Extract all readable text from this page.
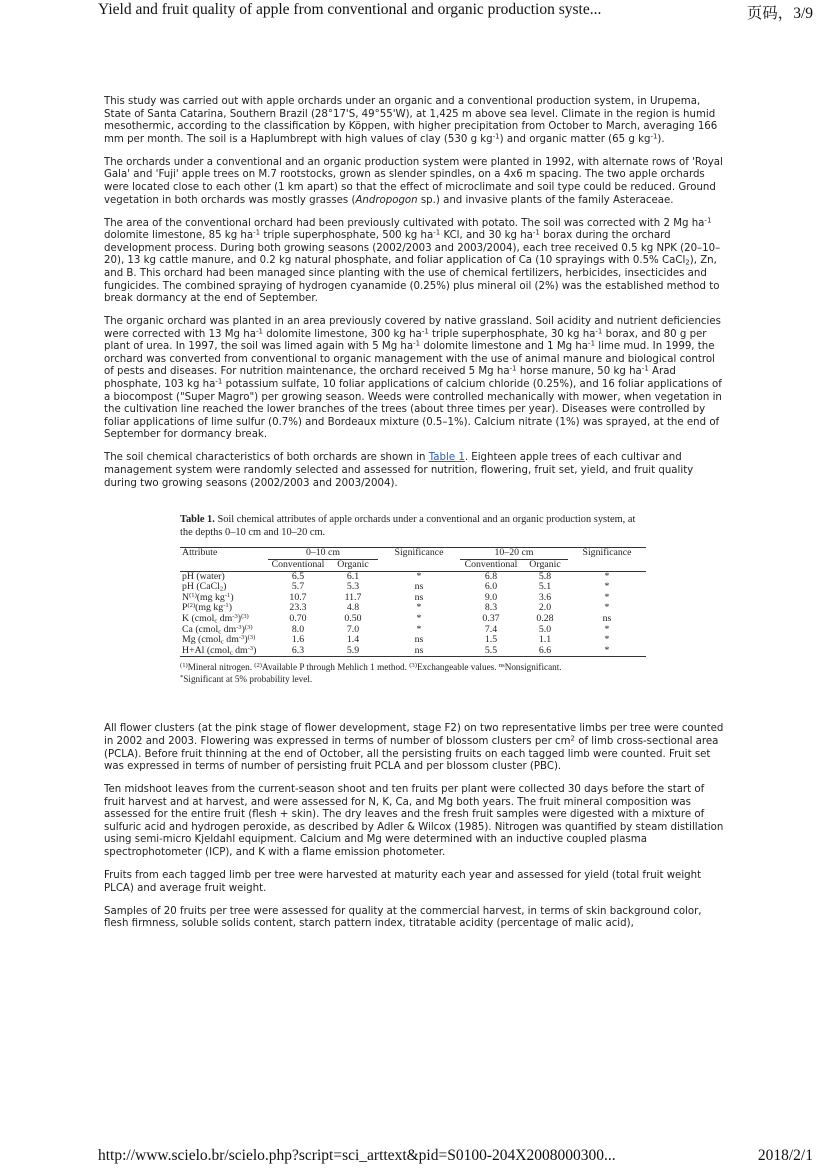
Yield and fruit quality of apple from conventional and organic production syste...	页码，3/9

This study was carried out with apple orchards under an organic and a conventional production system, in Urupema, State of Santa Catarina, Southern Brazil (28°17'S, 49°55'W), at 1,425 m above sea level. Climate in the region is humid mesothermic, according to the classification by Köppen, with higher precipitation from October to March, averaging 166 mm per month. The soil is a Haplumbrept with high values of clay (530 g $kg^{-1}$) and organic matter (65 g $kg^{-1}$).

The orchards under a conventional and an organic production system were planted in 1992, with alternate rows of 'Royal Gala' and 'Fuji' apple trees on M.7 rootstocks, grown as slender spindles, on a 4x6 m spacing. The two apple orchards were located close to each other (1 km apart) so that the effect of microclimate and soil type could be reduced. Ground vegetation in both orchards was mostly grasses (Andropogon sp.) and invasive plants of the family Asteraceae.

The area of the conventional orchard had been previously cultivated with potato. The soil was corrected with 2 Mg $ha^{-1}$ dolomite limestone, 85 kg $ha^{-1}$ triple superphosphate, 500 kg $ha^{-1}$ KCl, and 30 kg $ha^{-1}$ borax during the orchard development process. During both growing seasons (2002/2003 and 2003/2004), each tree received 0.5 kg NPK (20–10–20), 13 kg cattle manure, and 0.2 kg natural phosphate, and foliar application of Ca (10 sprayings with 0.5% CaCl$_2$), Zn, and B. This orchard had been managed since planting with the use of chemical fertilizers, herbicides, insecticides and fungicides. The combined spraying of hydrogen cyanamide (0.25%) plus mineral oil (2%) was the established method to break dormancy at the end of September.

The organic orchard was planted in an area previously covered by native grassland. Soil acidity and nutrient deficiencies were corrected with 13 Mg $ha^{-1}$ dolomite limestone, 300 kg $ha^{-1}$ triple superphosphate, 30 kg $ha^{-1}$ borax, and 80 g per plant of urea. In 1997, the soil was limed again with 5 Mg $ha^{-1}$ dolomite limestone and 1 Mg $ha^{-1}$ lime mud. In 1999, the orchard was converted from conventional to organic management with the use of animal manure and biological control of pests and diseases. For nutrition maintenance, the orchard received 5 Mg $ha^{-1}$ horse manure, 50 kg $ha^{-1}$ Arad phosphate, 103 kg $ha^{-1}$ potassium sulfate, 10 foliar applications of calcium chloride (0.25%), and 16 foliar applications of a biocompost ("Super Magro") per growing season. Weeds were controlled mechanically with mower, when vegetation in the cultivation line reached the lower branches of the trees (about three times per year). Diseases were controlled by foliar applications of lime sulfur (0.7%) and Bordeaux mixture (0.5–1%). Calcium nitrate (1%) was sprayed, at the end of September for dormancy break.

The soil chemical characteristics of both orchards are shown in Table 1. Eighteen apple trees of each cultivar and management system were randomly selected and assessed for nutrition, flowering, fruit set, yield, and fruit quality during two growing seasons (2002/2003 and 2003/2004).

Table 1. Soil chemical attributes of apple orchards under a conventional and an organic production system, at the depths 0–10 cm and 10–20 cm.
Attribute	0–10 cm		Significance	10–20 cm		Significance
	Conventional	Organic		Conventional	Organic	
pH (water)	6.5	6.1	*	6.8	5.8	*
pH (CaCl$_2$)	5.7	5.3	ns	6.0	5.1	*
$N^{(1)}(mg$ $kg^{-1}$)	10.7	11.7	ns	9.0	3.6	*
$P^{(2)}(mg$ $kg^{-1}$)	23.3	4.8	*	8.3	2.0	*
K (cmol$_c$ $dm^{-3})^{(3)}$	0.70	0.50	*	0.37	0.28	ns
Ca (cmol$_c$ $dm^{-3})^{(3)}$	8.0	7.0	*	7.4	5.0	*
Mg (cmol$_c$ $dm^{-3})^{(3)}$	1.6	1.4	ns	1.5	1.1	*
H+Al (cmol$_c$ $dm^{-3}$)	6.3	5.9	ns	5.5	6.6	*
$^{(1)}$Mineral nitrogen. $^{(2)}$Available P through Mehlich 1 method. $^{(3)}$Exchangeable values. $^{ns}$Nonsignificant.
*Significant at 5% probability level.

All flower clusters (at the pink stage of flower development, stage F2) on two representative limbs per tree were counted in 2002 and 2003. Flowering was expressed in terms of number of blossom clusters per $cm^2$ of limb cross-sectional area (PCLA). Before fruit thinning at the end of October, all the persisting fruits on each tagged limb were counted. Fruit set was expressed in terms of number of persisting fruit PCLA and per blossom cluster (PBC).

Ten midshoot leaves from the current-season shoot and ten fruits per plant were collected 30 days before the start of fruit harvest and at harvest, and were assessed for N, K, Ca, and Mg both years. The fruit mineral composition was assessed for the entire fruit (flesh + skin). The dry leaves and the fresh fruit samples were digested with a mixture of sulfuric acid and hydrogen peroxide, as described by Adler & Wilcox (1985). Nitrogen was quantified by steam distillation using semi-micro Kjeldahl equipment. Calcium and Mg were determined with an inductive coupled plasma spectrophotometer (ICP), and K with a flame emission photometer.

Fruits from each tagged limb per tree were harvested at maturity each year and assessed for yield (total fruit weight PLCA) and average fruit weight.

Samples of 20 fruits per tree were assessed for quality at the commercial harvest, in terms of skin background color, flesh firmness, soluble solids content, starch pattern index, titratable acidity (percentage of malic acid),

http://www.scielo.br/scielo.php?script=sci_arttext&pid=S0100-204X2008000300...	2018/2/1
